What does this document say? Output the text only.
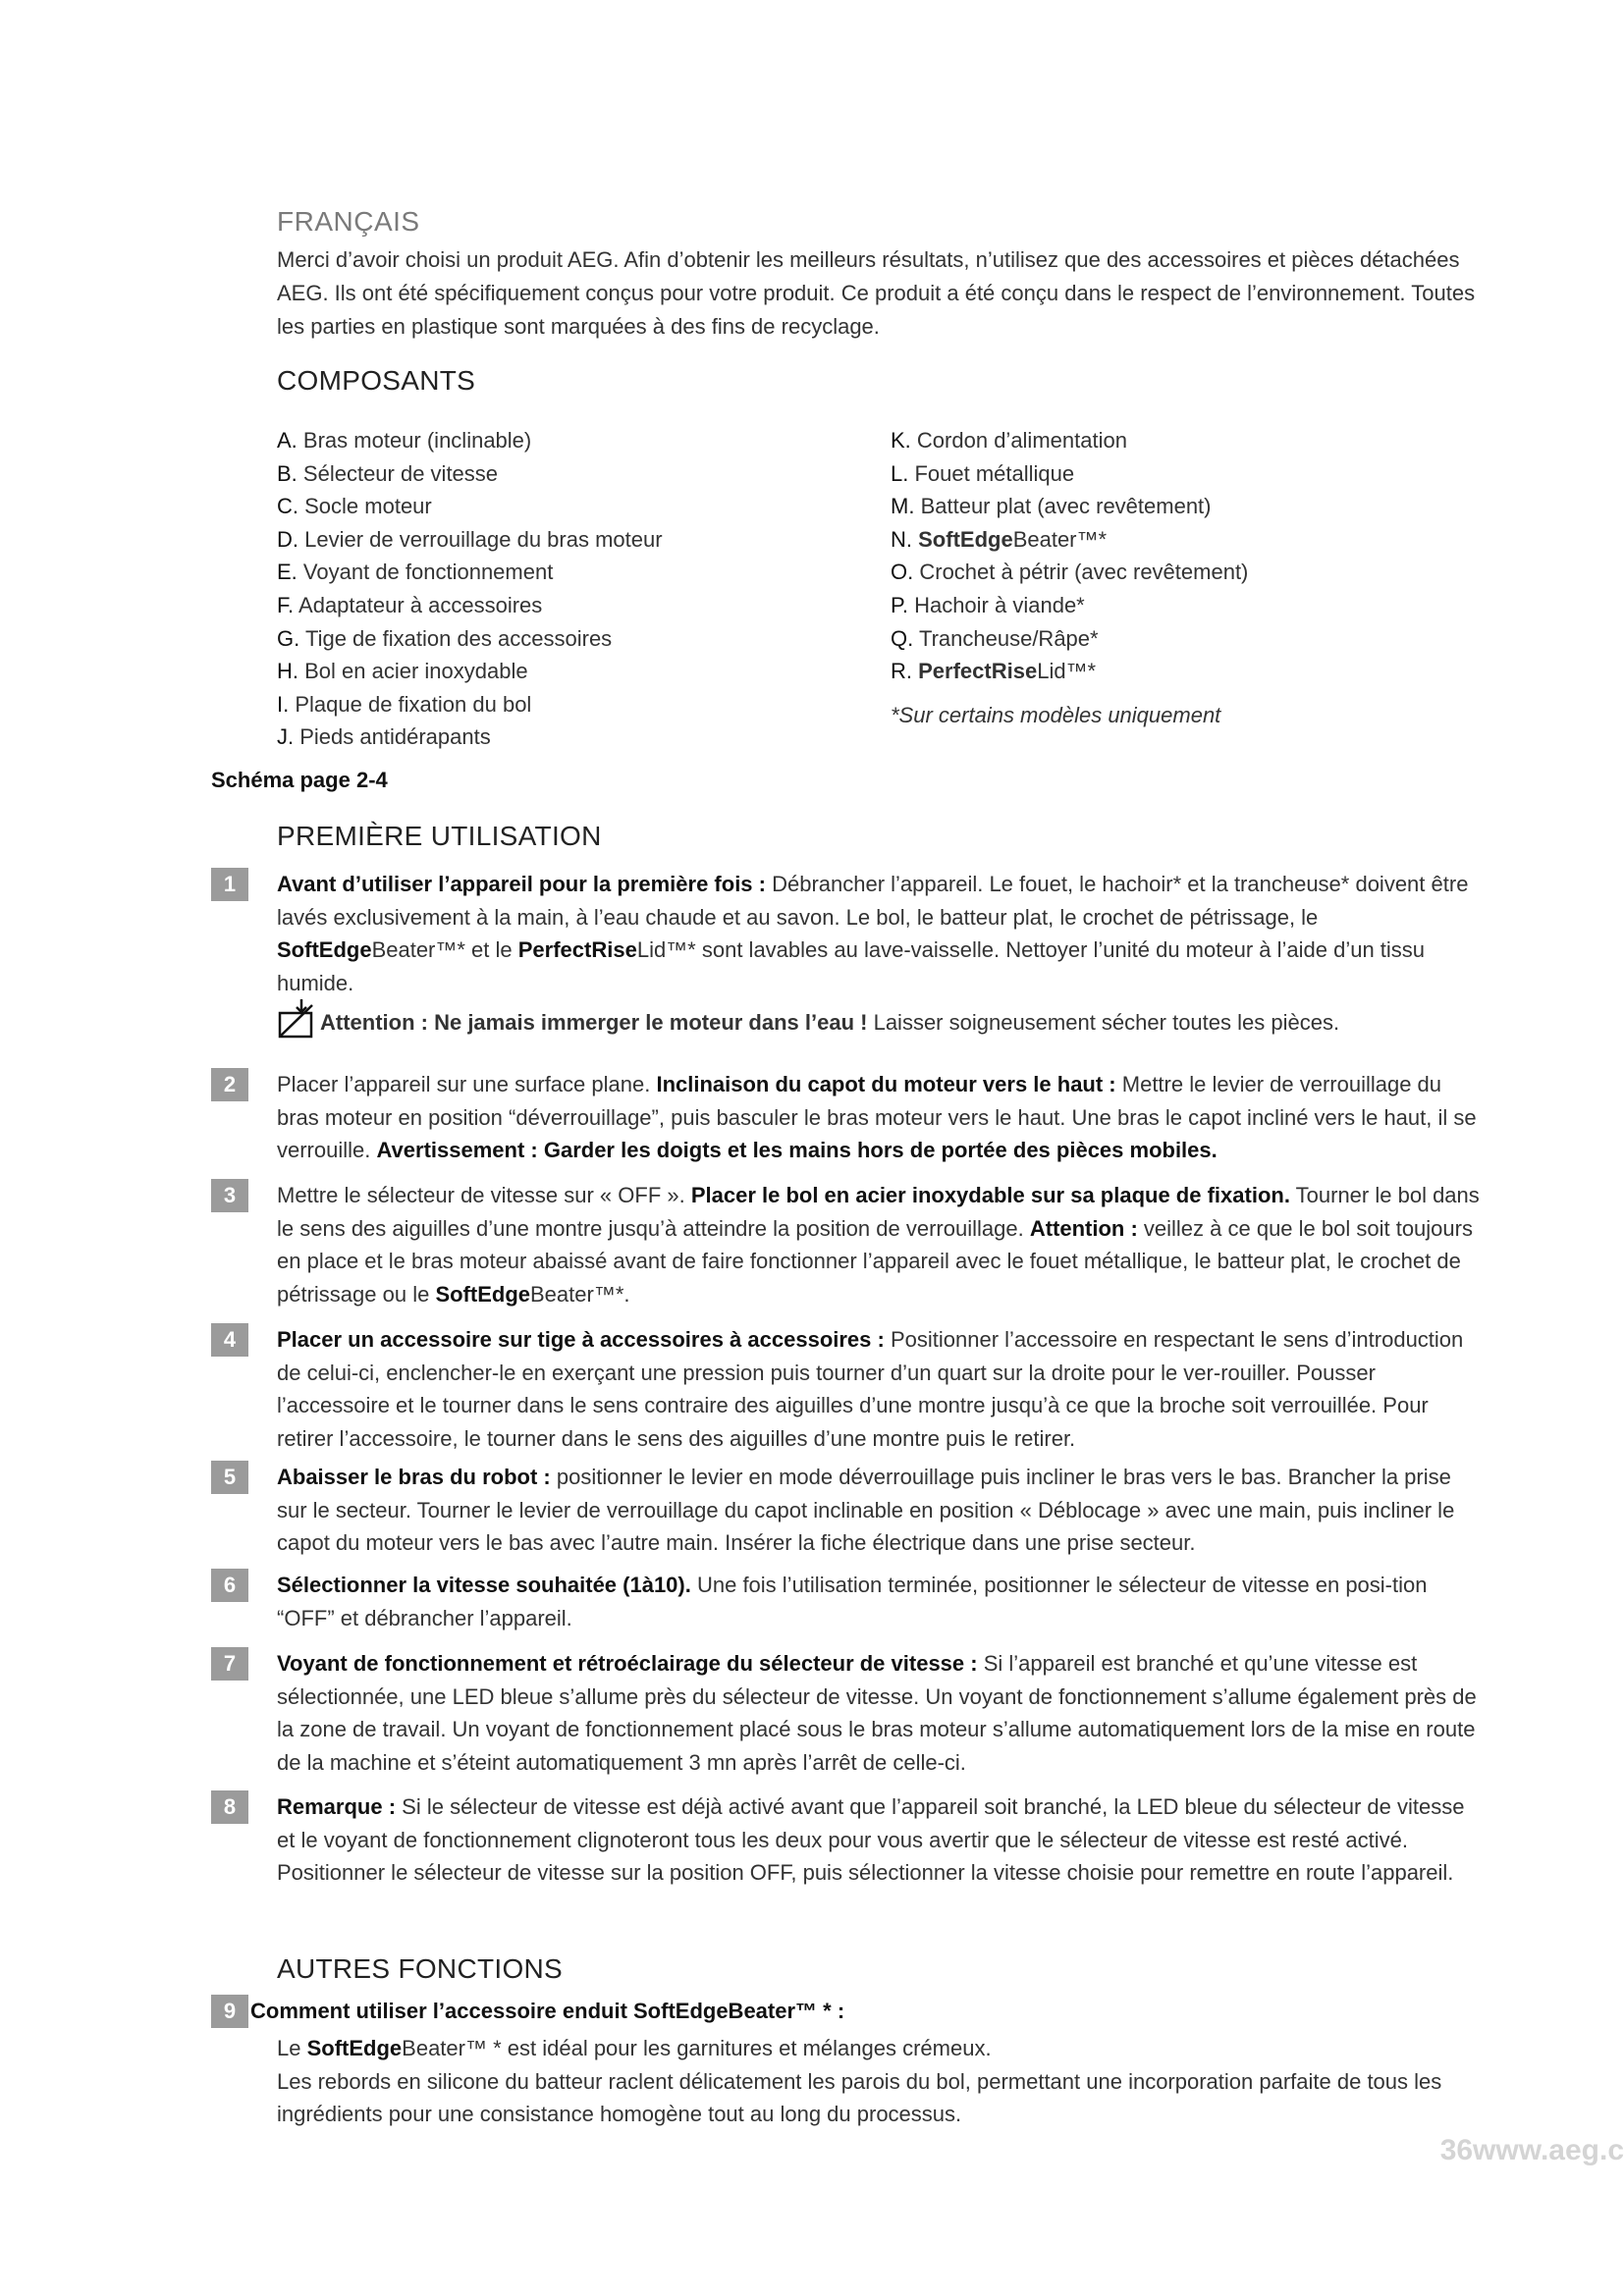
FRANÇAIS
Merci d’avoir choisi un produit AEG. Afin d’obtenir les meilleurs résultats, n’utilisez que des accessoires et pièces détachées AEG. Ils ont été spécifiquement conçus pour votre produit. Ce produit a été conçu dans le respect de l’environnement. Toutes les parties en plastique sont marquées à des fins de recyclage.
COMPOSANTS
A. Bras moteur (inclinable)
B. Sélecteur de vitesse
C. Socle moteur
D. Levier de verrouillage du bras moteur
E. Voyant de fonctionnement
F. Adaptateur à accessoires
G. Tige de fixation des accessoires
H. Bol en acier inoxydable
I. Plaque de fixation du bol
J. Pieds antidérapants
K. Cordon d’alimentation
L. Fouet métallique
M. Batteur plat (avec revêtement)
N. SoftEdgeBeater™*
O. Crochet à pétrir (avec revêtement)
P. Hachoir à viande*
Q. Trancheuse/Râpe*
R. PerfectRiseLid™*
*Sur certains modèles uniquement
Schéma page 2-4
PREMIÈRE UTILISATION
1	Avant d’utiliser l’appareil pour la première fois : Débrancher l’appareil. Le fouet, le hachoir* et la trancheuse* doivent être lavés exclusivement à la main, à l’eau chaude et au savon. Le bol, le batteur plat, le crochet de pétrissage, le SoftEdgeBeater™* et le PerfectRiseLid™* sont lavables au lave-vaisselle. Nettoyer l’unité du moteur à l’aide d’un tissu humide.
Attention : Ne jamais immerger le moteur dans l’eau ! Laisser soigneusement sécher toutes les pièces.
2	Placer l’appareil sur une surface plane. Inclinaison du capot du moteur vers le haut : Mettre le levier de verrouillage du bras moteur en position “déverrouillage”, puis basculer le bras moteur vers le haut. Une bras le capot incliné vers le haut, il se verrouille. Avertissement : Garder les doigts et les mains hors de portée des pièces mobiles.
3	Mettre le sélecteur de vitesse sur « OFF ». Placer le bol en acier inoxydable sur sa plaque de fixation. Tourner le bol dans le sens des aiguilles d’une montre jusqu’à atteindre la position de verrouillage. Attention : veillez à ce que le bol soit toujours en place et le bras moteur abaissé avant de faire fonctionner l’appareil avec le fouet métallique, le batteur plat, le crochet de pétrissage ou le SoftEdgeBeater™*.
4	Placer un accessoire sur tige à accessoires à accessoires : Positionner l’accessoire en respectant le sens d’introduction de celui-ci, enclencher-le en exerçant une pression puis tourner d’un quart sur la droite pour le ver-rouiller. Pousser l’accessoire et le tourner dans le sens contraire des aiguilles d’une montre jusqu’à ce que la broche soit verrouillée. Pour retirer l’accessoire, le tourner dans le sens des aiguilles d’une montre puis le retirer.
5	Abaisser le bras du robot : positionner le levier en mode déverrouillage puis incliner le bras vers le bas. Brancher la prise sur le secteur. Tourner le levier de verrouillage du capot inclinable en position « Déblocage » avec une main, puis incliner le capot du moteur vers le bas avec l’autre main. Insérer la fiche électrique dans une prise secteur.
6	Sélectionner la vitesse souhaitée (1à10). Une fois l’utilisation terminée, positionner le sélecteur de vitesse en posi-tion “OFF” et débrancher l’appareil.
7	Voyant de fonctionnement et rétroéclairage du sélecteur de vitesse : Si l’appareil est branché et qu’une vitesse est sélectionnée, une LED bleue s’allume près du sélecteur de vitesse. Un voyant de fonctionnement s’allume également près de la zone de travail. Un voyant de fonctionnement placé sous le bras moteur s’allume automatiquement lors de la mise en route de la machine et s’éteint automatiquement 3 mn après l’arrêt de celle-ci.
8	Remarque : Si le sélecteur de vitesse est déjà activé avant que l’appareil soit branché, la LED bleue du sélecteur de vitesse et le voyant de fonctionnement clignoteront tous les deux pour vous avertir que le sélecteur de vitesse est resté activé. Positionner le sélecteur de vitesse sur la position OFF, puis sélectionner la vitesse choisie pour remettre en route l’appareil.
AUTRES FONCTIONS
9 Comment utiliser l’accessoire enduit SoftEdgeBeater™ * :
Le SoftEdgeBeater™ * est idéal pour les garnitures et mélanges crémeux.
Les rebords en silicone du batteur raclent délicatement les parois du bol, permettant une incorporation parfaite de tous les ingrédients pour une consistance homogène tout au long du processus.
36www.aeg.c
